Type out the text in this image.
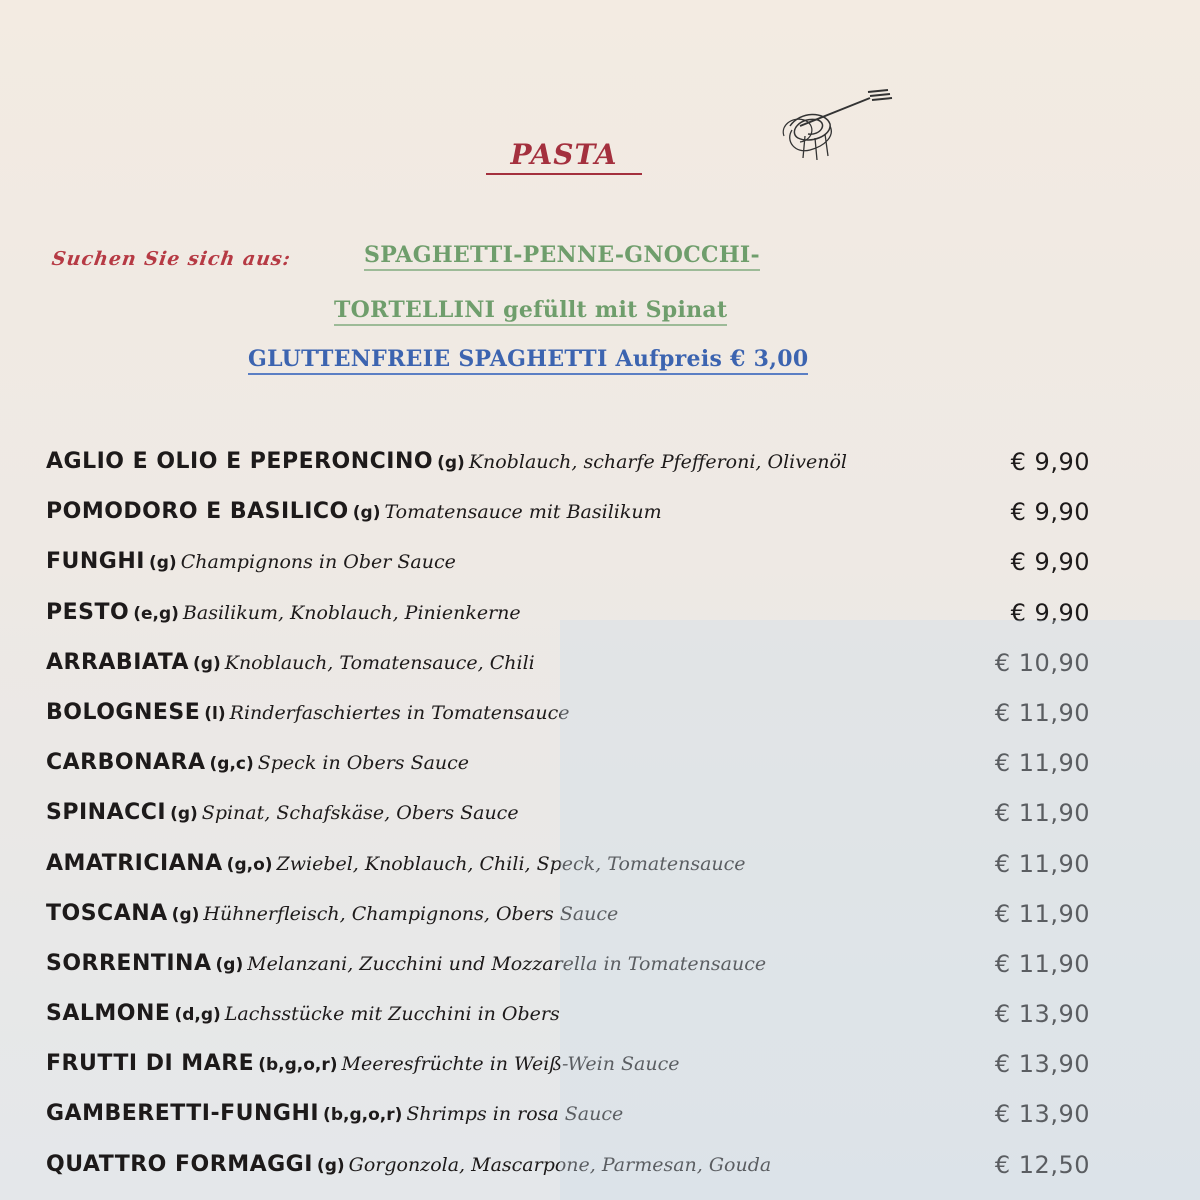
PASTA
Suchen Sie sich aus:	SPAGHETTI-PENNE-GNOCCHI-
TORTELLINI gefüllt mit Spinat
GLUTTENFREIE SPAGHETTI Aufpreis € 3,00
AGLIO E OLIO E PEPERONCINO (g) Knoblauch, scharfe Pfefferoni, Olivenöl	€ 9,90
POMODORO E BASILICO (g) Tomatensauce mit Basilikum	€ 9,90
FUNGHI (g) Champignons in Ober Sauce	€ 9,90
PESTO (e,g) Basilikum, Knoblauch, Pinienkerne	€ 9,90
ARRABIATA (g) Knoblauch, Tomatensauce, Chili	€ 10,90
BOLOGNESE (l) Rinderfaschiertes in Tomatensauce	€ 11,90
CARBONARA (g,c) Speck in Obers Sauce	€ 11,90
SPINACCI (g) Spinat, Schafskäse, Obers Sauce	€ 11,90
AMATRICIANA (g,o) Zwiebel, Knoblauch, Chili, Speck, Tomatensauce	€ 11,90
TOSCANA (g) Hühnerfleisch, Champignons, Obers Sauce	€ 11,90
SORRENTINA (g) Melanzani, Zucchini und Mozzarella in Tomatensauce	€ 11,90
SALMONE (d,g) Lachsstücke mit Zucchini in Obers	€ 13,90
FRUTTI DI MARE (b,g,o,r) Meeresfrüchte in Weiß-Wein Sauce	€ 13,90
GAMBERETTI-FUNGHI (b,g,o,r) Shrimps in rosa Sauce	€ 13,90
QUATTRO FORMAGGI (g) Gorgonzola, Mascarpone, Parmesan, Gouda	€ 12,50
